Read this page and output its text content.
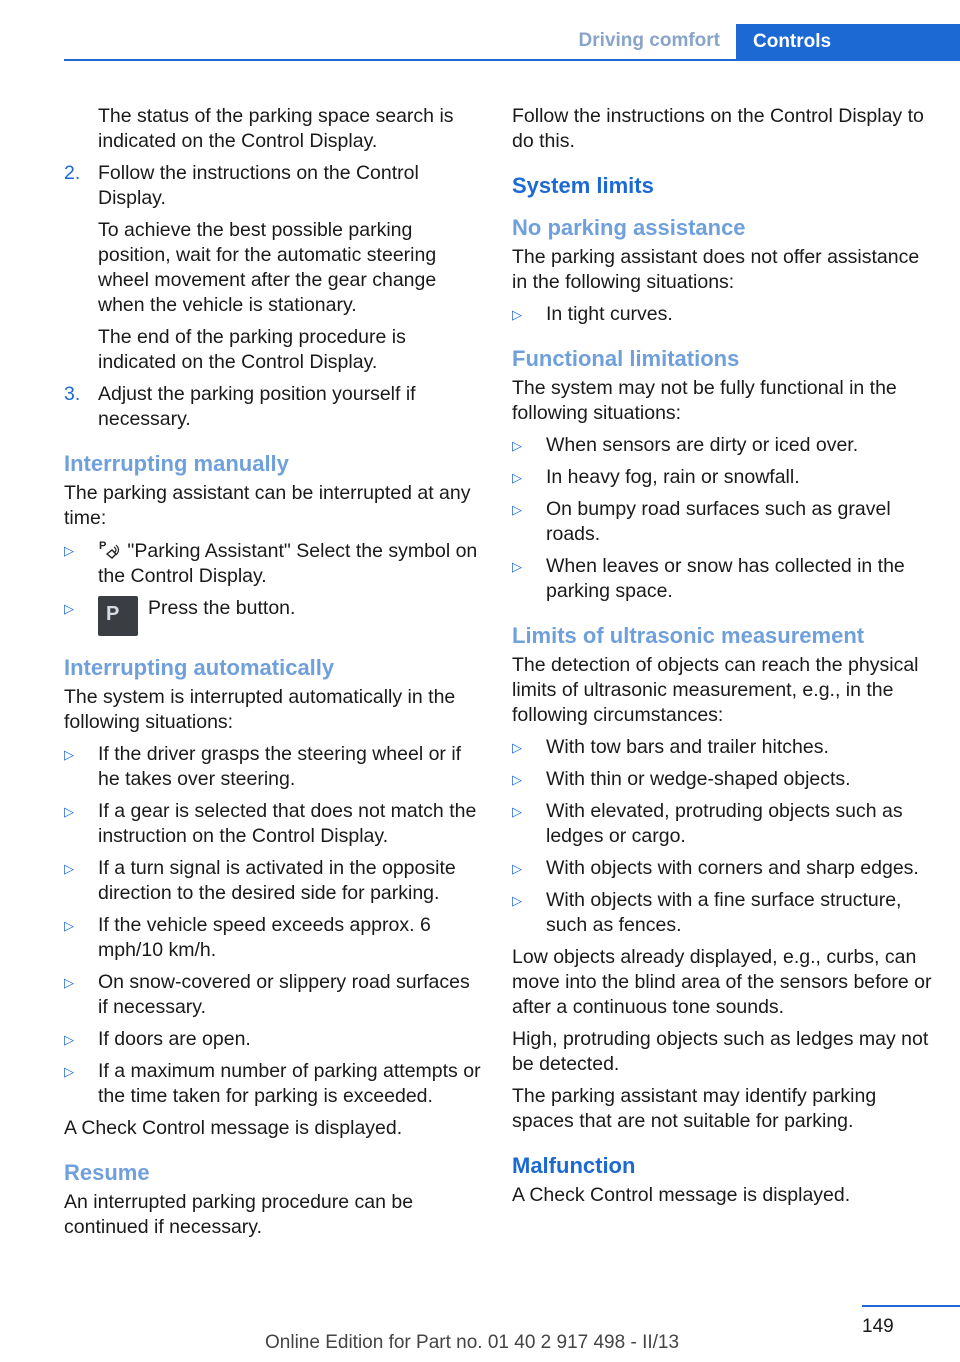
Driving comfort	Controls

The status of the parking space search is indicated on the Control Display.

2. Follow the instructions on the Control Display.

To achieve the best possible parking position, wait for the automatic steering wheel movement after the gear change when the vehicle is stationary.

The end of the parking procedure is indicated on the Control Display.

3. Adjust the parking position yourself if necessary.

Interrupting manually

The parking assistant can be interrupted at any time:

▷	P "Parking Assistant" Select the symbol on the Control Display.
▷	P Press the button.
Interrupting automatically

The system is interrupted automatically in the following situations:

▷	If the driver grasps the steering wheel or if he takes over steering.
▷	If a gear is selected that does not match the instruction on the Control Display.
▷	If a turn signal is activated in the opposite direction to the desired side for parking.
▷	If the vehicle speed exceeds approx. 6 mph/10 km/h.
▷	On snow-covered or slippery road surfaces if necessary.
▷	If doors are open.
▷	If a maximum number of parking attempts or the time taken for parking is exceeded.

A Check Control message is displayed.

Resume

An interrupted parking procedure can be continued if necessary.

Follow the instructions on the Control Display to do this.

System limits
No parking assistance

The parking assistant does not offer assistance in the following situations:

▷	In tight curves.
Functional limitations

The system may not be fully functional in the following situations:

▷	When sensors are dirty or iced over.
▷	In heavy fog, rain or snowfall.
▷	On bumpy road surfaces such as gravel roads.
▷	When leaves or snow has collected in the parking space.
Limits of ultrasonic measurement

The detection of objects can reach the physical limits of ultrasonic measurement, e.g., in the following circumstances:

▷	With tow bars and trailer hitches.
▷	With thin or wedge-shaped objects.
▷	With elevated, protruding objects such as ledges or cargo.
▷	With objects with corners and sharp edges.
▷	With objects with a fine surface structure, such as fences.

Low objects already displayed, e.g., curbs, can move into the blind area of the sensors before or after a continuous tone sounds.

High, protruding objects such as ledges may not be detected.

The parking assistant may identify parking spaces that are not suitable for parking.

Malfunction

A Check Control message is displayed.

149
Online Edition for Part no. 01 40 2 917 498 - II/13
